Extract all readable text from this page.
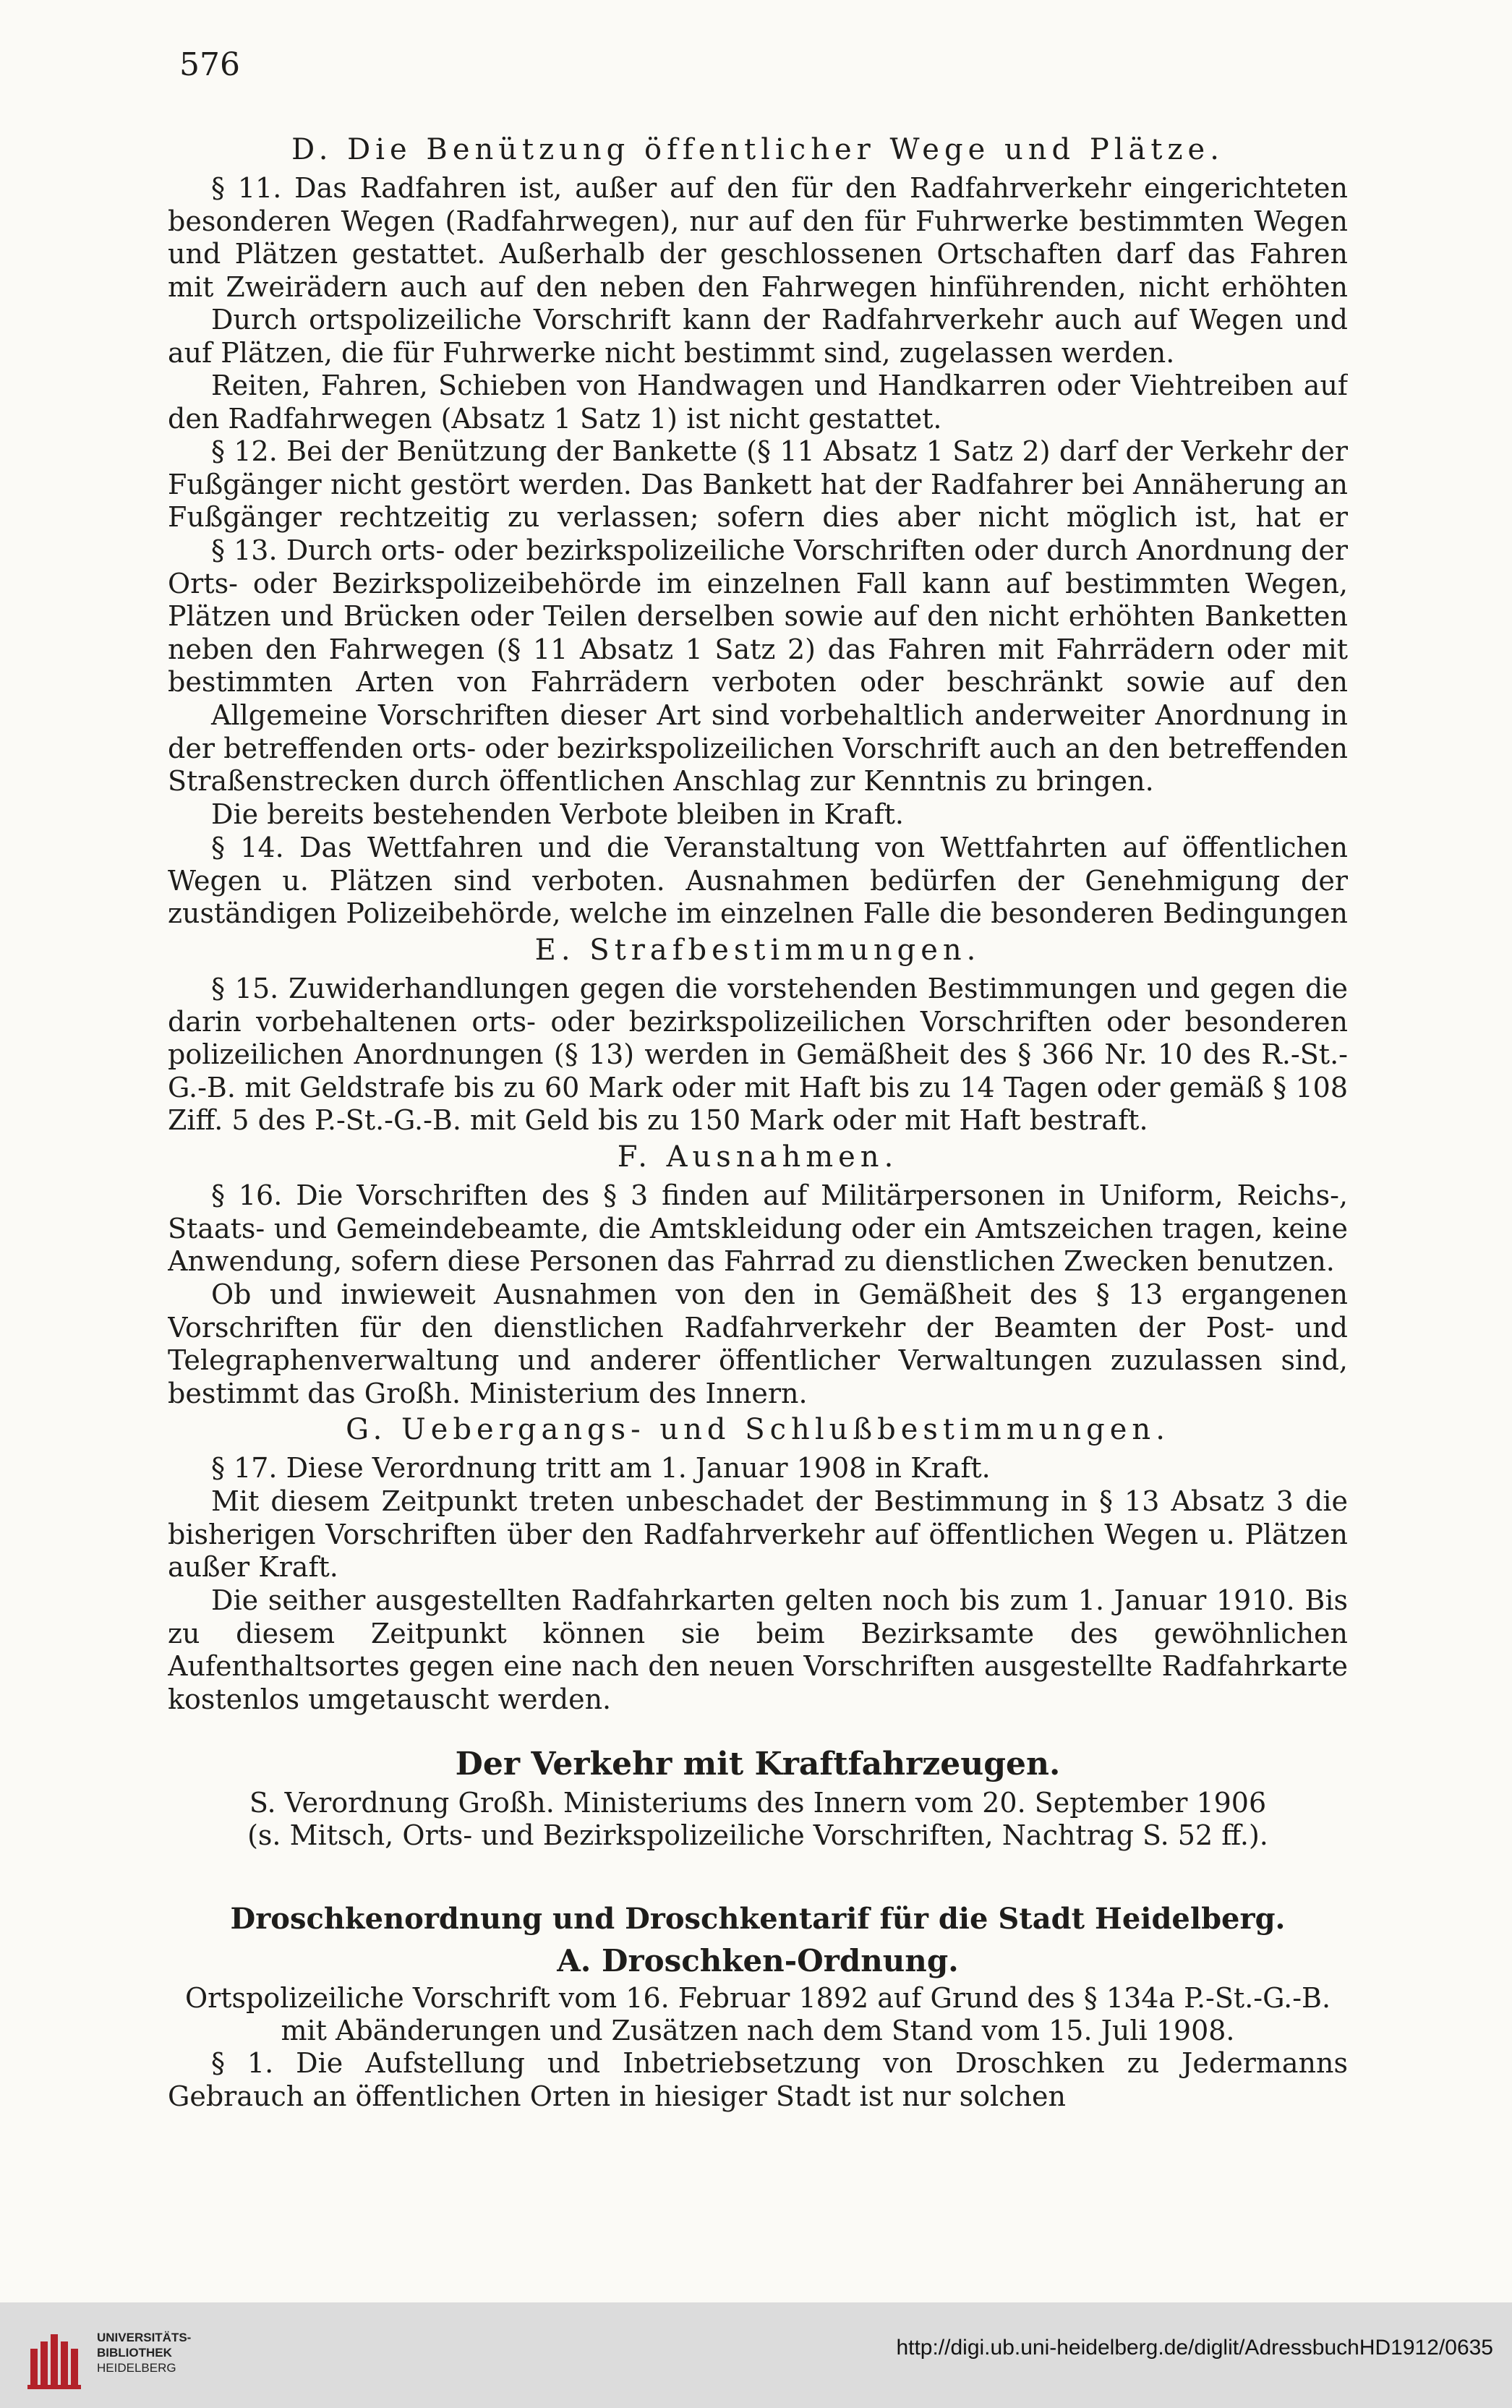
576
D. Die Benützung öffentlicher Wege und Plätze.

§ 11. Das Radfahren ist, außer auf den für den Radfahrverkehr eingerichteten besonderen Wegen (Radfahrwegen), nur auf den für Fuhrwerke bestimmten Wegen und Plätzen gestattet. Außerhalb der geschlossenen Ortschaften darf das Fahren mit Zweirädern auch auf den neben den Fahrwegen hinführenden, nicht erhöhten

Durch ortspolizeiliche Vorschrift kann der Radfahrverkehr auch auf Wegen und auf Plätzen, die für Fuhrwerke nicht bestimmt sind, zugelassen werden.

Reiten, Fahren, Schieben von Handwagen und Handkarren oder Viehtreiben auf den Radfahrwegen (Absatz 1 Satz 1) ist nicht gestattet.

§ 12. Bei der Benützung der Bankette (§ 11 Absatz 1 Satz 2) darf der Verkehr der Fußgänger nicht gestört werden. Das Bankett hat der Radfahrer bei Annäherung an Fußgänger rechtzeitig zu verlassen; sofern dies aber nicht möglich ist, hat er

§ 13. Durch orts- oder bezirkspolizeiliche Vorschriften oder durch Anordnung der Orts- oder Bezirkspolizeibehörde im einzelnen Fall kann auf bestimmten Wegen, Plätzen und Brücken oder Teilen derselben sowie auf den nicht erhöhten Banketten neben den Fahrwegen (§ 11 Absatz 1 Satz 2) das Fahren mit Fahrrädern oder mit bestimmten Arten von Fahrrädern verboten oder beschränkt sowie auf den

Allgemeine Vorschriften dieser Art sind vorbehaltlich anderweiter Anordnung in der betreffenden orts- oder bezirkspolizeilichen Vorschrift auch an den betreffenden Straßenstrecken durch öffentlichen Anschlag zur Kenntnis zu bringen.

Die bereits bestehenden Verbote bleiben in Kraft.

§ 14. Das Wettfahren und die Veranstaltung von Wettfahrten auf öffentlichen Wegen u. Plätzen sind verboten. Ausnahmen bedürfen der Genehmigung der zuständigen Polizeibehörde, welche im einzelnen Falle die besonderen Bedingungen

E. Strafbestimmungen.

§ 15. Zuwiderhandlungen gegen die vorstehenden Bestimmungen und gegen die darin vorbehaltenen orts- oder bezirkspolizeilichen Vorschriften oder besonderen polizeilichen Anordnungen (§ 13) werden in Gemäßheit des § 366 Nr. 10 des R.-St.-G.-B. mit Geldstrafe bis zu 60 Mark oder mit Haft bis zu 14 Tagen oder gemäß § 108 Ziff. 5 des P.-St.-G.-B. mit Geld bis zu 150 Mark oder mit Haft bestraft.

F. Ausnahmen.

§ 16. Die Vorschriften des § 3 finden auf Militärpersonen in Uniform, Reichs-, Staats- und Gemeindebeamte, die Amtskleidung oder ein Amtszeichen tragen, keine Anwendung, sofern diese Personen das Fahrrad zu dienstlichen Zwecken benutzen.

Ob und inwieweit Ausnahmen von den in Gemäßheit des § 13 ergangenen Vorschriften für den dienstlichen Radfahrverkehr der Beamten der Post- und Telegraphenverwaltung und anderer öffentlicher Verwaltungen zuzulassen sind, bestimmt das Großh. Ministerium des Innern.

G. Uebergangs- und Schlußbestimmungen.

§ 17. Diese Verordnung tritt am 1. Januar 1908 in Kraft.

Mit diesem Zeitpunkt treten unbeschadet der Bestimmung in § 13 Absatz 3 die bisherigen Vorschriften über den Radfahrverkehr auf öffentlichen Wegen u. Plätzen außer Kraft.

Die seither ausgestellten Radfahrkarten gelten noch bis zum 1. Januar 1910. Bis zu diesem Zeitpunkt können sie beim Bezirksamte des gewöhnlichen Aufenthaltsortes gegen eine nach den neuen Vorschriften ausgestellte Radfahrkarte kostenlos umgetauscht werden.

Der Verkehr mit Kraftfahrzeugen.
S. Verordnung Großh. Ministeriums des Innern vom 20. September 1906
(s. Mitsch, Orts- und Bezirkspolizeiliche Vorschriften, Nachtrag S. 52 ff.).
Droschkenordnung und Droschkentarif für die Stadt Heidelberg.
A. Droschken-Ordnung.
Ortspolizeiliche Vorschrift vom 16. Februar 1892 auf Grund des § 134a P.-St.-G.-B.
mit Abänderungen und Zusätzen nach dem Stand vom 15. Juli 1908.

§ 1. Die Aufstellung und Inbetriebsetzung von Droschken zu Jedermanns Gebrauch an öffentlichen Orten in hiesiger Stadt ist nur solchen

UNIVERSITÄTS-
BIBLIOTHEK
HEIDELBERG
http://digi.ub.uni-heidelberg.de/diglit/AdressbuchHD1912/0635
